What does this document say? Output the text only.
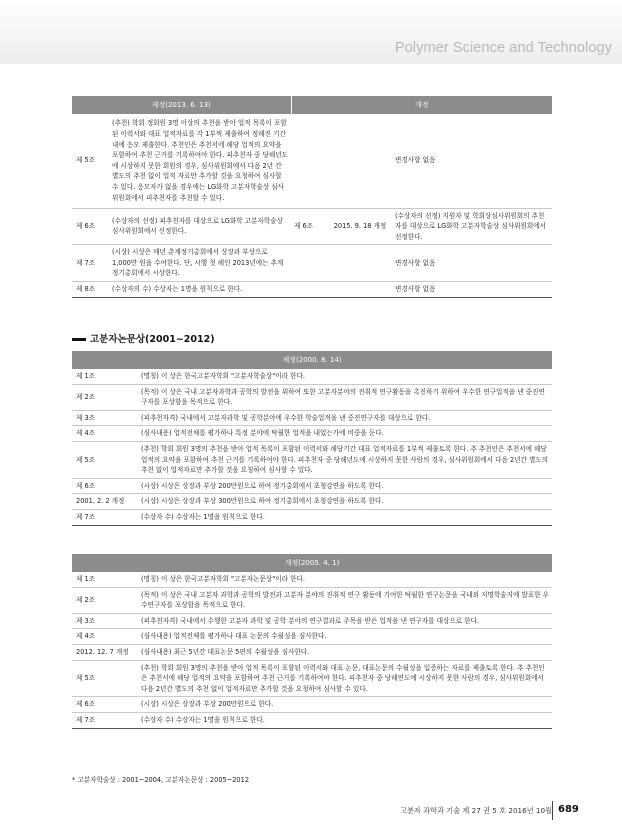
Polymer Science and Technology
제정(2013. 6. 13)		개정		
제 5조	(추천) 학회 정회원 3명 이상의 추천을 받아 업적 목록이 포함된 이력서와 대표 업적자료를 각 1부씩 제출하여 정해진 기간 내에 응모 제출한다. 추천인은 추천서에 해당 업적의 요약을 포함하여 추천 근거를 기록하여야 한다. 피추천자 중 당해년도에 시상하지 못한 회원의 경우, 심사위원회에서 다음 2년 간 별도의 추천 없이 업적 자료만 추가할 것을 요청하여 심사할 수 있다. 응모자가 없을 경우에는 LG화학 고분자학술상 심사위원회에서 피추천자를 추천할 수 있다.			변경사항 없음
제 6조	(수상자의 선정) 피추천자를 대상으로 LG화학 고분자학술상 심사위원회에서 선정한다.	제 6조	2015. 9. 18 개정	(수상자의 선정) 지원자 및 학회상심사위원회의 추천자를 대상으로 LG화학 고분자학술상 심사위원회에서 선정한다.
제 7조	(시상) 시상은 매년 춘계정기총회에서 상장과 부상으로 1,000만 원을 수여한다. 단, 시행 첫 해인 2013년에는 추계정기총회에서 시상한다.			변경사항 없음
제 8조	(수상자의 수) 수상자는 1명을 원칙으로 한다.			변경사항 없음
고분자논문상(2001~2012)
제정(2000. 8. 14)	
제 1조	(명칭) 이 상은 한국고분자학회 "고분자학술상"이라 한다.
제 2조	(목적) 이 상은 국내 고분자과학과 공학의 발전을 위하여 또한 고분자분야의 진취적 연구활동을 촉진하기 위하여 우수한 연구업적을 낸 중진연구자를 포상함을 목적으로 한다.
제 3조	(피추천자격) 국내에서 고분자과학 및 공학분야에 우수한 학술업적을 낸 중진연구자를 대상으로 한다.
제 4조	(심사내용) 업적전체를 평가하나 특정 분야에 탁월한 업적을 내었는가에 비중을 둔다.
제 5조	(추천) 학회 회원 3명의 추천을 받아 업적 목록이 포함된 이력서와 해당기간 대표 업적자료를 1부씩 제출토록 한다. 추 추천인은 추천서에 해당 업적의 요약을 포함하여 추천 근거를 기록하여야 한다. 피추천자 중 당해년도에 시상하지 못한 사람의 경우, 심사위원회에서 다음 2년간 별도의 추천 없이 업적자료만 추가할 것을 요청하여 심사할 수 있다.
제 6조	(시상) 시상은 상장과 부상 200만원으로 하여 정기총회에서 초청강연을 하도록 한다.
2001. 2. 2 개정	(시상) 시상은 상장과 부상 300만원으로 하여 정기총회에서 초청강연을 하도록 한다.
제 7조	(수상자 수) 수상자는 1명을 원칙으로 한다.
개정(2005. 4. 1)	
제 1조	(명칭) 이 상은 한국고분자학회 "고분자논문상"이라 한다.
제 2조	(목적) 이 상은 국내 고분자 과학과 공학의 발전과 고분자 분야의 진취적 연구 활동에 기여한 탁월한 연구논문을 국내외 저명학술지에 발표한 우수연구자를 포상함을 목적으로 한다.
제 3조	(피추천자격) 국내에서 수행한 고분자 과학 및 공학 분야의 연구결과로 주목을 받은 업적을 낸 연구자를 대상으로 한다.
제 4조	(심사내용) 업적전체를 평가하나 대표 논문의 수월성을 심사한다.
2012. 12. 7 개정	(심사내용) 최근 5년간 대표논문 5편의 수월성을 심사한다.
제 5조	(추천) 학회 회원 3명의 추천을 받아 업적 목록이 포함된 이력서와 대표 논문, 대표논문의 수월성을 입증하는 자료를 제출토록 한다. 추 추천인은 추천서에 해당 업적의 요약을 포함하여 추천 근거를 기록하여야 한다. 피추천자 중 당해연도에 시상하지 못한 사람의 경우, 심사위원회에서 다음 2년간 별도의 추천 없이 업적자료만 추가할 것을 요청하여 심사할 수 있다.
제 6조	(시상) 시상은 상장과 부상 200만원으로 한다.
제 7조	(수상자 수) 수상자는 1명을 원칙으로 한다.
* 고분자학술상 : 2001~2004, 고분자논문상 : 2005~2012
고분자 과학과 기술 제 27 권 5 호 2016년 10월 689
